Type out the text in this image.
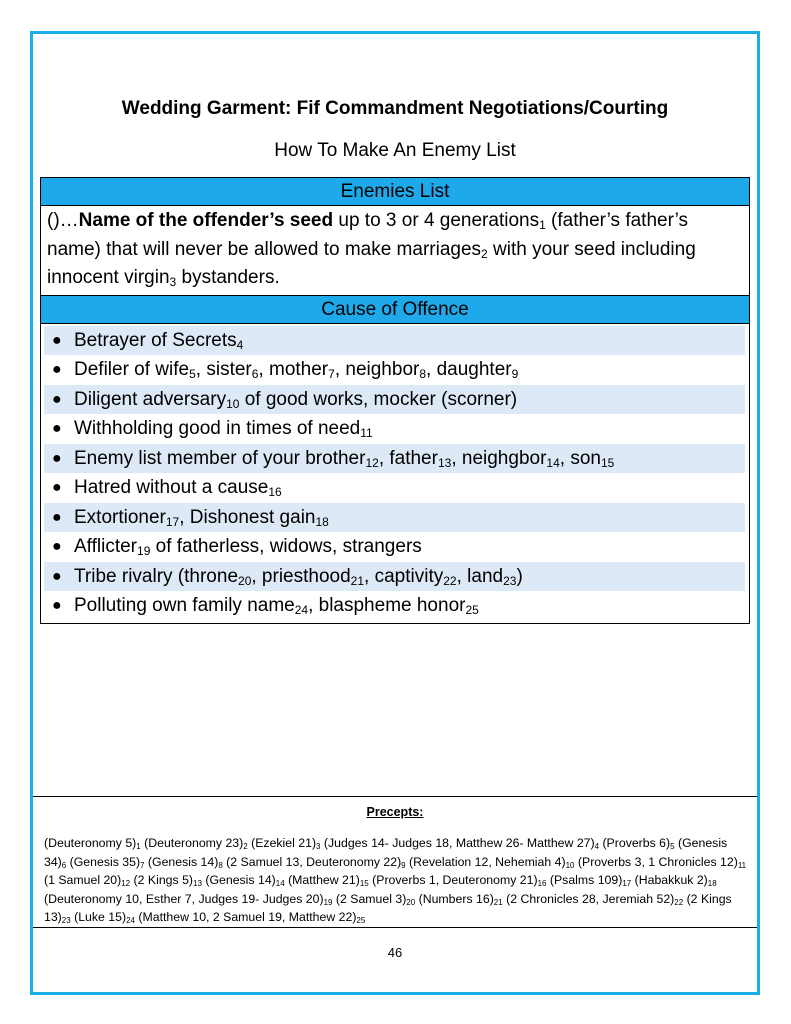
Wedding Garment: Fif Commandment Negotiations/Courting
How To Make An Enemy List
Enemies List
()…Name of the offender’s seed up to 3 or 4 generations$_1$ (father’s father’s name) that will never be allowed to make marriages$_2$ with your seed including innocent virgin$_3$ bystanders.
Cause of Offence
● Betrayer of Secrets$_4$
● Defiler of wife$_5$, sister$_6$, mother$_7$, neighbor$_8$, daughter$_9$
● Diligent adversary$_{10}$ of good works, mocker (scorner)
● Withholding good in times of need$_{11}$
● Enemy list member of your brother$_{12}$, father$_{13}$, neighgbor$_{14}$, son$_{15}$
● Hatred without a cause$_{16}$
● Extortioner$_{17}$, Dishonest gain$_{18}$
● Afflicter$_{19}$ of fatherless, widows, strangers
● Tribe rivalry (throne$_{20}$, priesthood$_{21}$, captivity$_{22}$, land$_{23}$)
● Polluting own family name$_{24}$, blaspheme honor$_{25}$
Precepts:
(Deuteronomy $5)_1$ (Deuteronomy $23)_2$ (Ezekiel $21)_3$ (Judges 14- Judges 18, Matthew 26- Matthew $27)_4$ (Proverbs $6)_5$ (Genesis $34)_6$ (Genesis $35)_7$ (Genesis $14)_8$ (2 Samuel 13, Deuteronomy $22)_9$ (Revelation 12, Nehemiah $4)_{10}$ (Proverbs 3, 1 Chronicles $12)_{11}$ (1 Samuel $20)_{12}$ (2 Kings $5)_{13}$ (Genesis $14)_{14}$ (Matthew $21)_{15}$ (Proverbs 1, Deuteronomy $21)_{16}$ (Psalms $109)_{17}$ (Habakkuk $2)_{18}$ (Deuteronomy 10, Esther 7, Judges 19- Judges $20)_{19}$ (2 Samuel $3)_{20}$ (Numbers $16)_{21}$ (2 Chronicles 28, Jeremiah $52)_{22}$ (2 Kings $13)_{23}$ (Luke $15)_{24}$ (Matthew 10, 2 Samuel 19, Matthew $22)_{25}$
46
